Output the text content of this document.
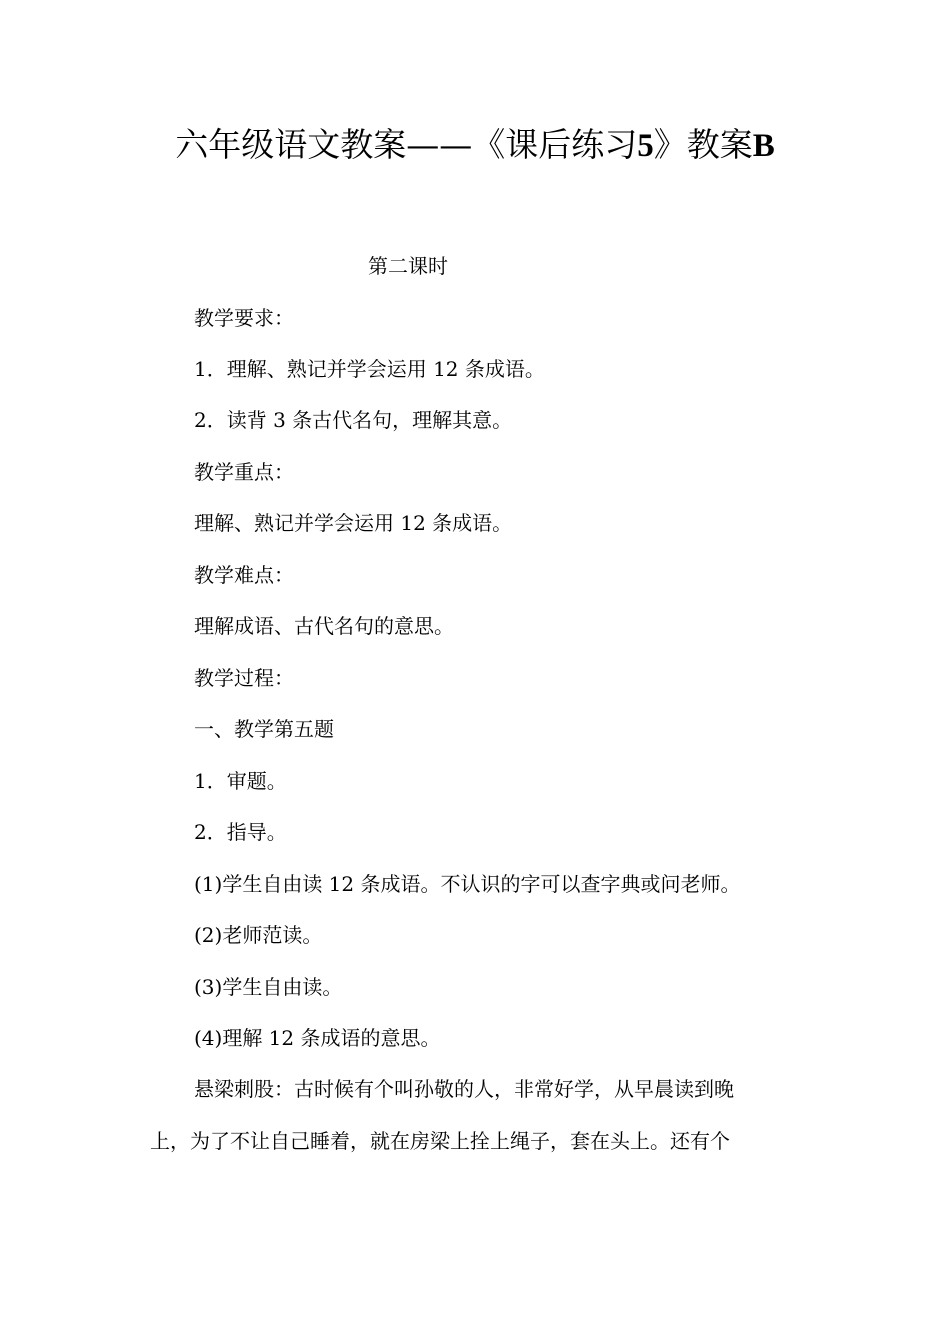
六年级语文教案——《课后练习5》教案B
第二课时
教学要求：
1．理解、熟记并学会运用 12 条成语。
2．读背 3 条古代名句，理解其意。
教学重点：
理解、熟记并学会运用 12 条成语。
教学难点：
理解成语、古代名句的意思。
教学过程：
一、教学第五题
1．审题。
2．指导。
(1)学生自由读 12 条成语。不认识的字可以查字典或问老师。
(2)老师范读。
(3)学生自由读。
(4)理解 12 条成语的意思。
悬梁刺股：古时候有个叫孙敬的人，非常好学，从早晨读到晚
上，为了不让自己睡着，就在房梁上拴上绳子，套在头上。还有个
